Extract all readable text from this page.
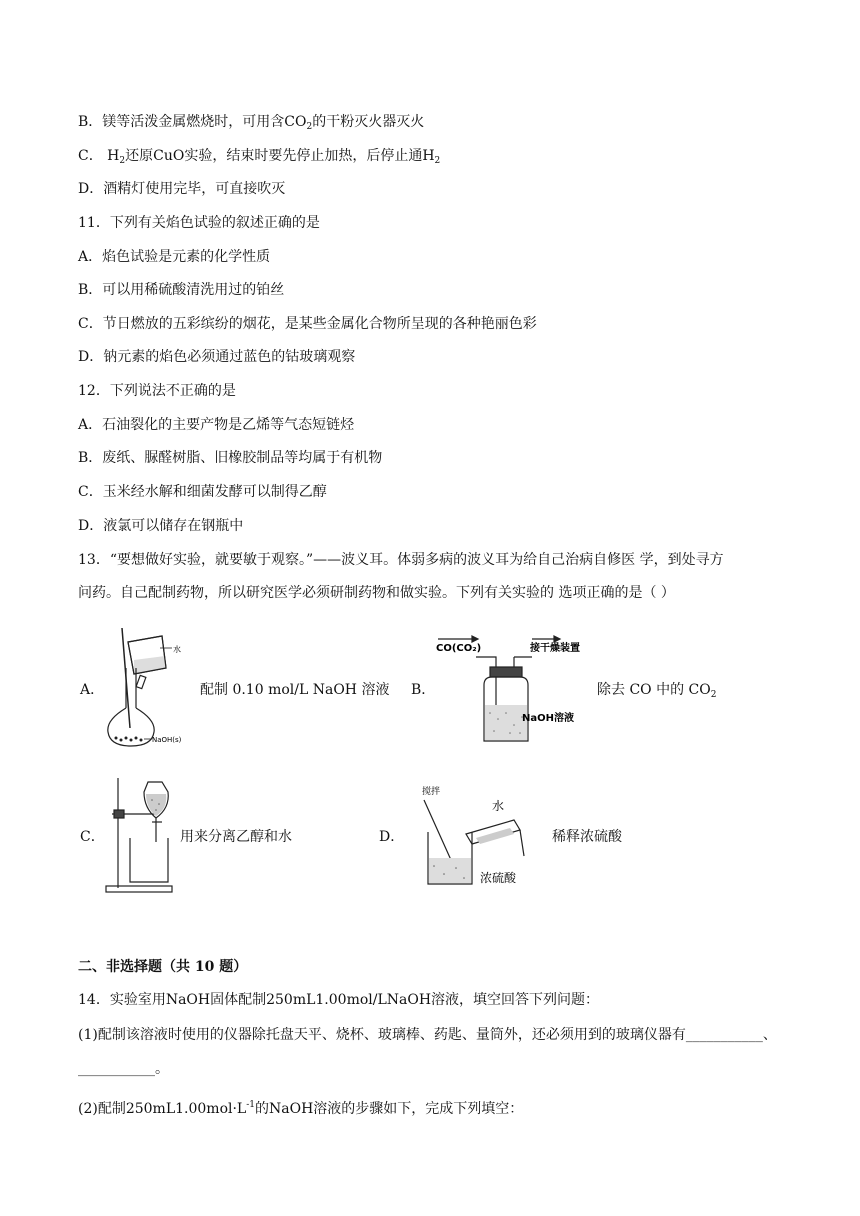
B．镁等活泼金属燃烧时，可用含$CO_2$的干粉灭火器灭火
C． $H_2$还原CuO实验，结束时要先停止加热，后停止通$H_2$
D．酒精灯使用完毕，可直接吹灭
11．下列有关焰色试验的叙述正确的是
A．焰色试验是元素的化学性质
B．可以用稀硫酸清洗用过的铂丝
C．节日燃放的五彩缤纷的烟花，是某些金属化合物所呈现的各种艳丽色彩
D．钠元素的焰色必须通过蓝色的钴玻璃观察
12．下列说法不正确的是
A．石油裂化的主要产物是乙烯等气态短链烃
B．废纸、脲醛树脂、旧橡胶制品等均属于有机物
C．玉米经水解和细菌发酵可以制得乙醇
D．液氯可以储存在钢瓶中
13．“要想做好实验，就要敏于观察。”——波义耳。体弱多病的波义耳为给自己治病自修医 学，到处寻方
问药。自己配制药物，所以研究医学必须研制药物和做实验。下列有关实验的 选项正确的是（ ）
A．
水
NaOH(s)
配制 0.10 mol/L NaOH 溶液 B．
CO(CO₂)	接干燥装置
NaOH溶液
除去 CO 中的 $CO_2$
C．	用来分离乙醇和水	D．
搅拌
水
浓硫酸
稀释浓硫酸
二、非选择题（共 10 题）
14．实验室用NaOH固体配制250mL1.00mol/LNaOH溶液，填空回答下列问题：
(1)配制该溶液时使用的仪器除托盘天平、烧杯、玻璃棒、药匙、量筒外，还必须用到的玻璃仪器有___________、
___________。
(2)配制$250mL1.00mol\cdot L^{-1}$的NaOH溶液的步骤如下，完成下列填空：
